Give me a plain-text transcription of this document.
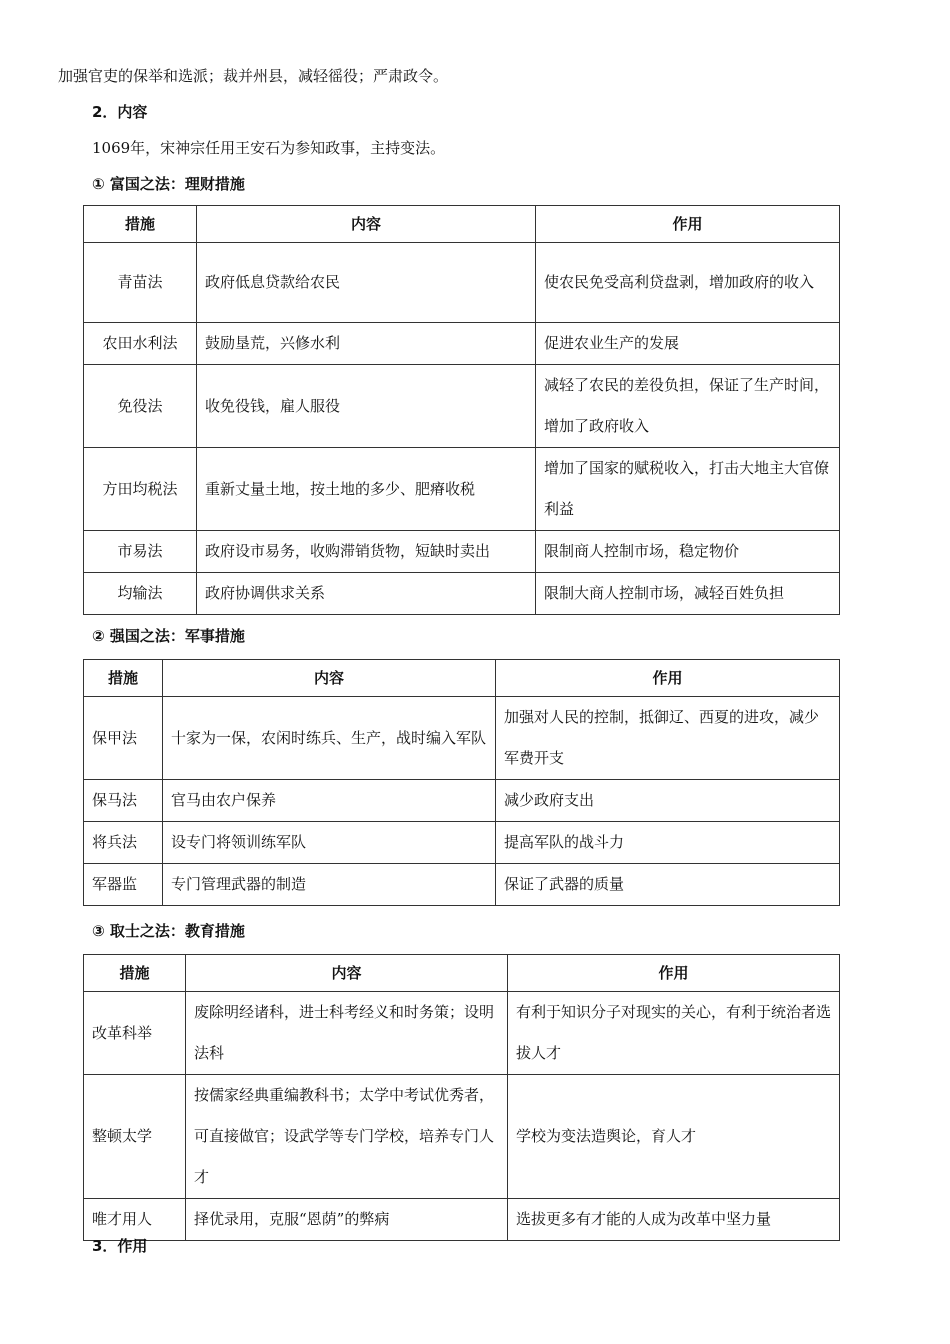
加强官吏的保举和选派；裁并州县，减轻徭役；严肃政令。
2．内容
1069年，宋神宗任用王安石为参知政事，主持变法。
① 富国之法：理财措施
措施	内容	作用
青苗法	政府低息贷款给农民	使农民免受高利贷盘剥，增加政府的收入
农田水利法	鼓励垦荒，兴修水利	促进农业生产的发展
免役法	收免役钱，雇人服役	减轻了农民的差役负担，保证了生产时间，增加了政府收入
方田均税法	重新丈量土地，按土地的多少、肥瘠收税	增加了国家的赋税收入，打击大地主大官僚利益
市易法	政府设市易务，收购滞销货物，短缺时卖出	限制商人控制市场，稳定物价
均输法	政府协调供求关系	限制大商人控制市场，减轻百姓负担
② 强国之法：军事措施
措施	内容	作用
保甲法	十家为一保，农闲时练兵、生产，战时编入军队	加强对人民的控制，抵御辽、西夏的进攻，减少军费开支
保马法	官马由农户保养	减少政府支出
将兵法	设专门将领训练军队	提高军队的战斗力
军器监	专门管理武器的制造	保证了武器的质量
③ 取士之法：教育措施
措施	内容	作用
改革科举	废除明经诸科，进士科考经义和时务策；设明法科	有利于知识分子对现实的关心，有利于统治者选拔人才
整顿太学	按儒家经典重编教科书；太学中考试优秀者，可直接做官；设武学等专门学校，培养专门人才	学校为变法造舆论，育人才
唯才用人	择优录用，克服“恩荫”的弊病	选拔更多有才能的人成为改革中坚力量
3．作用
